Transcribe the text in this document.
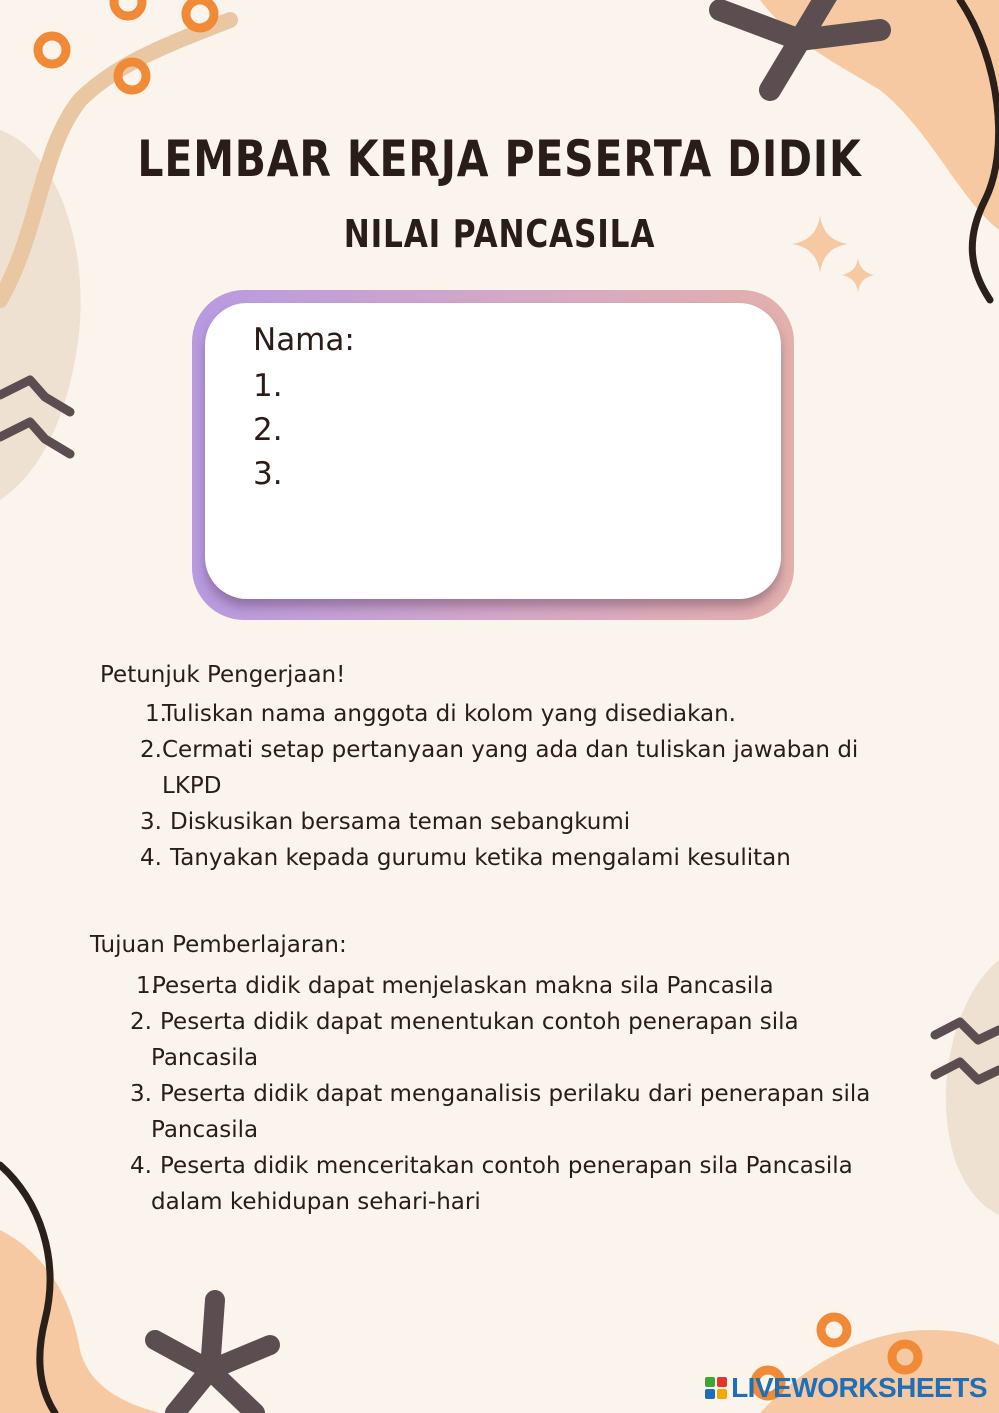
LEMBAR KERJA PESERTA DIDIK
NILAI PANCASILA
Nama:
1.
2.
3.
Petunjuk Pengerjaan!
1.
Tuliskan nama anggota di kolom yang disediakan.
2. Cermati setap pertanyaan yang ada dan tuliskan jawaban di
LKPD
3. Diskusikan bersama teman sebangkumi
4. Tanyakan kepada gurumu ketika mengalami kesulitan
Tujuan Pemberlajaran:
1.
Peserta didik dapat menjelaskan makna sila Pancasila
2. Peserta didik dapat menentukan contoh penerapan sila
Pancasila
3. Peserta didik dapat menganalisis perilaku dari penerapan sila
Pancasila
4. Peserta didik menceritakan contoh penerapan sila Pancasila
dalam kehidupan sehari-hari
LIVEWORKSHEETS
